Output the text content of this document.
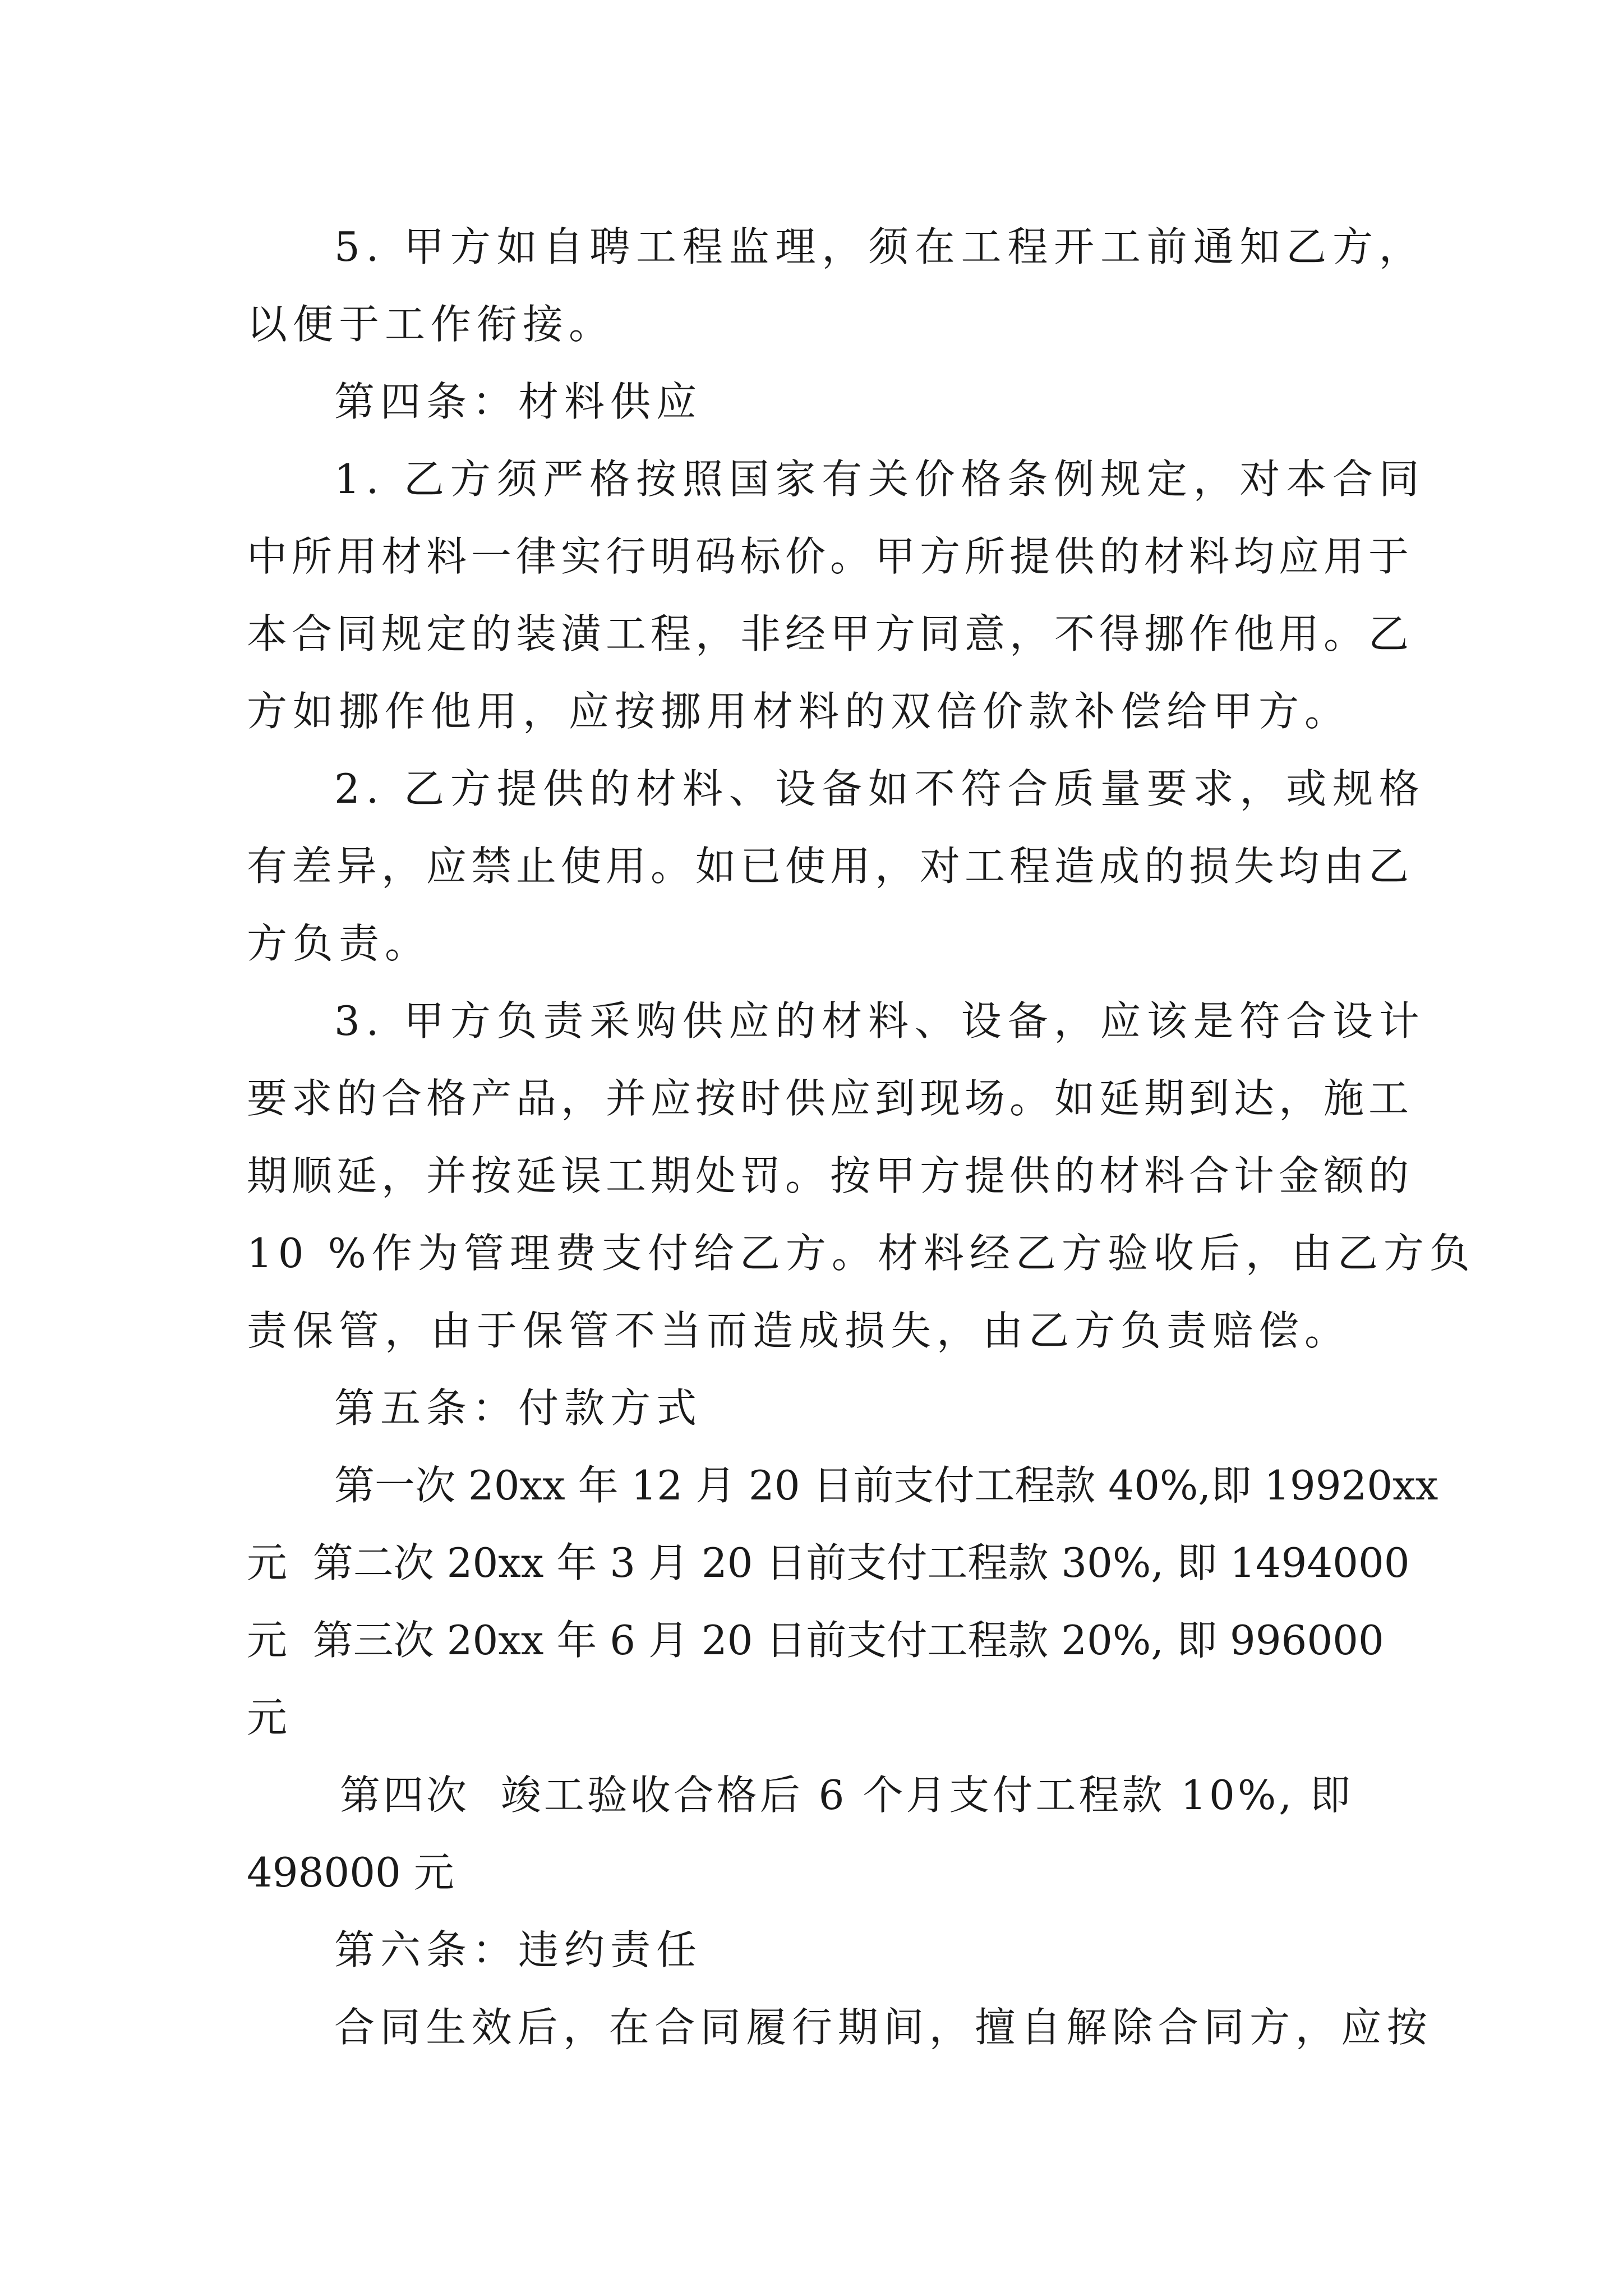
5. 甲方如自聘工程监理，须在工程开工前通知乙方，

以便于工作衔接。

第四条：材料供应

1. 乙方须严格按照国家有关价格条例规定，对本合同

中所用材料一律实行明码标价。甲方所提供的材料均应用于

本合同规定的装潢工程，非经甲方同意，不得挪作他用。乙

方如挪作他用，应按挪用材料的双倍价款补偿给甲方。

2. 乙方提供的材料、设备如不符合质量要求，或规格

有差异，应禁止使用。如已使用，对工程造成的损失均由乙

方负责。

3. 甲方负责采购供应的材料、设备，应该是符合设计

要求的合格产品，并应按时供应到现场。如延期到达，施工

期顺延，并按延误工期处罚。按甲方提供的材料合计金额的

10 %作为管理费支付给乙方。材料经乙方验收后，由乙方负

责保管，由于保管不当而造成损失，由乙方负责赔偿。

第五条：付款方式

第一次 20xx 年 12 月 20 日前支付工程款 40%,即 19920xx

元  第二次 20xx 年 3 月 20 日前支付工程款 30%, 即 1494000

元  第三次 20xx 年 6 月 20 日前支付工程款 20%, 即 996000

元

第四次  竣工验收合格后 6 个月支付工程款 10%, 即

498000 元

第六条：违约责任

合同生效后，在合同履行期间，擅自解除合同方，应按
